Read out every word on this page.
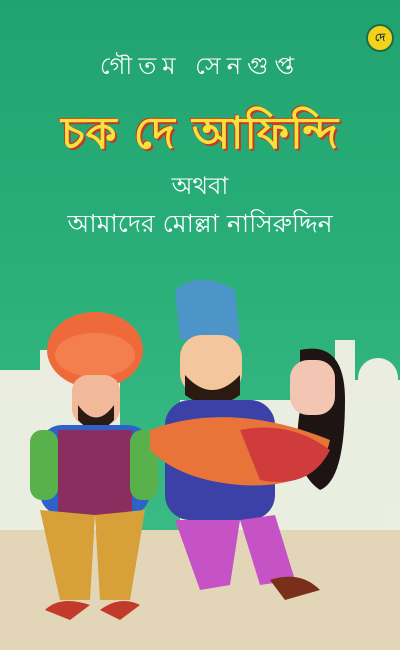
দে
গৌতম সেনগুপ্ত
চক দে আফিন্দি
অথবা
আমাদের মোল্লা নাসিরুদ্দিন
